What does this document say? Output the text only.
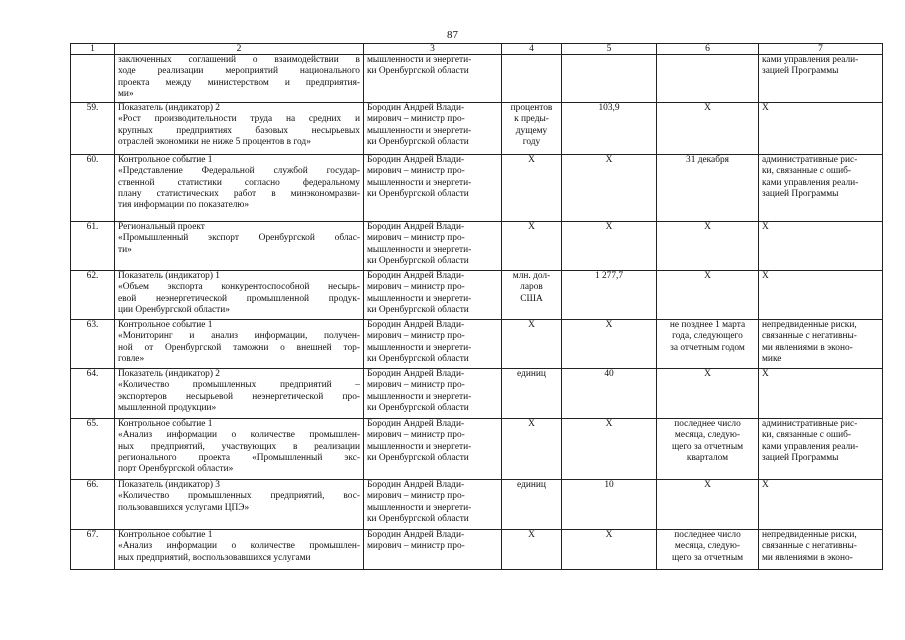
87
1	2	3	4	5	6	7

	заключенных соглашений о взаимодействии в
ходе реализации мероприятий национального
проекта между министерством и предприятия-
ми»	мышленности и энергети-
ки Оренбургской области				ками управления реали-
зацией Программы

59.	Показатель (индикатор) 2
«Рост производительности труда на средних и
крупных предприятиях базовых несырьевых
отраслей экономики не ниже 5 процентов в год»	Бородин Андрей Влади-
мирович – министр про-
мышленности и энергети-
ки Оренбургской области	процентов
к преды-
дущему
году	103,9	Х	Х

60.	Контрольное событие 1
«Представление Федеральной службой государ-
ственной статистики согласно федеральному
плану статистических работ в минэкономразви-
тия информации по показателю»	Бородин Андрей Влади-
мирович – министр про-
мышленности и энергети-
ки Оренбургской области	Х	Х	31 декабря	административные рис-
ки, связанные с ошиб-
ками управления реали-
зацией Программы

61.	Региональный проект
«Промышленный экспорт Оренбургской облас-
ти»	Бородин Андрей Влади-
мирович – министр про-
мышленности и энергети-
ки Оренбургской области	Х	Х	Х	Х

62.	Показатель (индикатор) 1
«Объем экспорта конкурентоспособной несырь-
евой неэнергетической промышленной продук-
ции Оренбургской области»	Бородин Андрей Влади-
мирович – министр про-
мышленности и энергети-
ки Оренбургской области	млн. дол-
ларов
США	1 277,7	Х	Х

63.	Контрольное событие 1
«Мониторинг и анализ информации, получен-
ной от Оренбургской таможни о внешней тор-
говле»	Бородин Андрей Влади-
мирович – министр про-
мышленности и энергети-
ки Оренбургской области	Х	Х	не позднее 1 марта
года, следующего
за отчетным годом	непредвиденные риски,
связанные с негативны-
ми явлениями в эконо-
мике

64.	Показатель (индикатор) 2
«Количество промышленных предприятий –
экспортеров несырьевой неэнергетической про-
мышленной продукции»	Бородин Андрей Влади-
мирович – министр про-
мышленности и энергети-
ки Оренбургской области	единиц	40	Х	Х

65.	Контрольное событие 1
«Анализ информации о количестве промышлен-
ных предприятий, участвующих в реализации
регионального проекта «Промышленный экс-
порт Оренбургской области»	Бородин Андрей Влади-
мирович – министр про-
мышленности и энергети-
ки Оренбургской области	Х	Х	последнее число
месяца, следую-
щего за отчетным
кварталом	административные рис-
ки, связанные с ошиб-
ками управления реали-
зацией Программы

66.	Показатель (индикатор) 3
«Количество промышленных предприятий, вос-
пользовавшихся услугами ЦПЭ»	Бородин Андрей Влади-
мирович – министр про-
мышленности и энергети-
ки Оренбургской области	единиц	10	Х	Х

67.	Контрольное событие 1
«Анализ информации о количестве промышлен-
ных предприятий, воспользовавшихся услугами	Бородин Андрей Влади-
мирович – министр про-	Х	Х	последнее число
месяца, следую-
щего за отчетным	непредвиденные риски,
связанные с негативны-
ми явлениями в эконо-
